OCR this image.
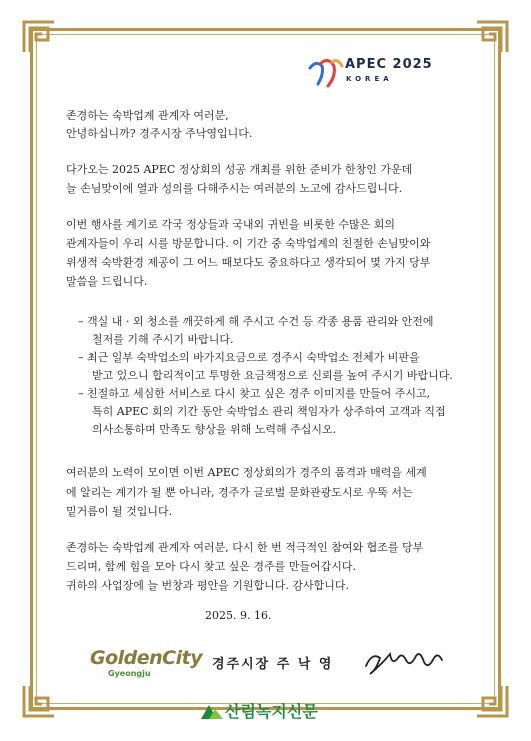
APEC 2025
KOREA

존경하는 숙박업계 관계자 여러분,

안녕하십니까? 경주시장 주낙영입니다.

다가오는 2025 APEC 정상회의 성공 개최를 위한 준비가 한창인 가운데

늘 손님맞이에 열과 성의를 다해주시는 여러분의 노고에 감사드립니다.

이번 행사를 계기로 각국 정상들과 국내외 귀빈을 비롯한 수많은 회의

관계자들이 우리 시를 방문합니다. 이 기간 중 숙박업계의 친절한 손님맞이와

위생적 숙박환경 제공이 그 어느 때보다도 중요하다고 생각되어 몇 가지 당부

말씀을 드립니다.

– 객실 내 · 외 청소를 깨끗하게 해 주시고 수건 등 각종 용품 관리와 안전에
철저를 기해 주시기 바랍니다.
– 최근 일부 숙박업소의 바가지요금으로 경주시 숙박업소 전체가 비판을
받고 있으니 합리적이고 투명한 요금책정으로 신뢰를 높여 주시기 바랍니다.
– 친절하고 세심한 서비스로 다시 찾고 싶은 경주 이미지를 만들어 주시고,
특히 APEC 회의 기간 동안 숙박업소 관리 책임자가 상주하여 고객과 직접
의사소통하며 만족도 향상을 위해 노력해 주십시오.

여러분의 노력이 모이면 이번 APEC 정상회의가 경주의 품격과 매력을 세계

에 알리는 계기가 될 뿐 아니라, 경주가 글로벌 문화관광도시로 우뚝 서는

밑거름이 될 것입니다.

존경하는 숙박업계 관계자 여러분, 다시 한 번 적극적인 참여와 협조를 당부

드리며, 함께 힘을 모아 다시 찾고 싶은 경주를 만들어갑시다.

귀하의 사업장에 늘 번창과 평안을 기원합니다. 감사합니다.

2025. 9. 16.
GoldenCity
Gyeongju
경주시장 주 낙 영
산림녹지신문
